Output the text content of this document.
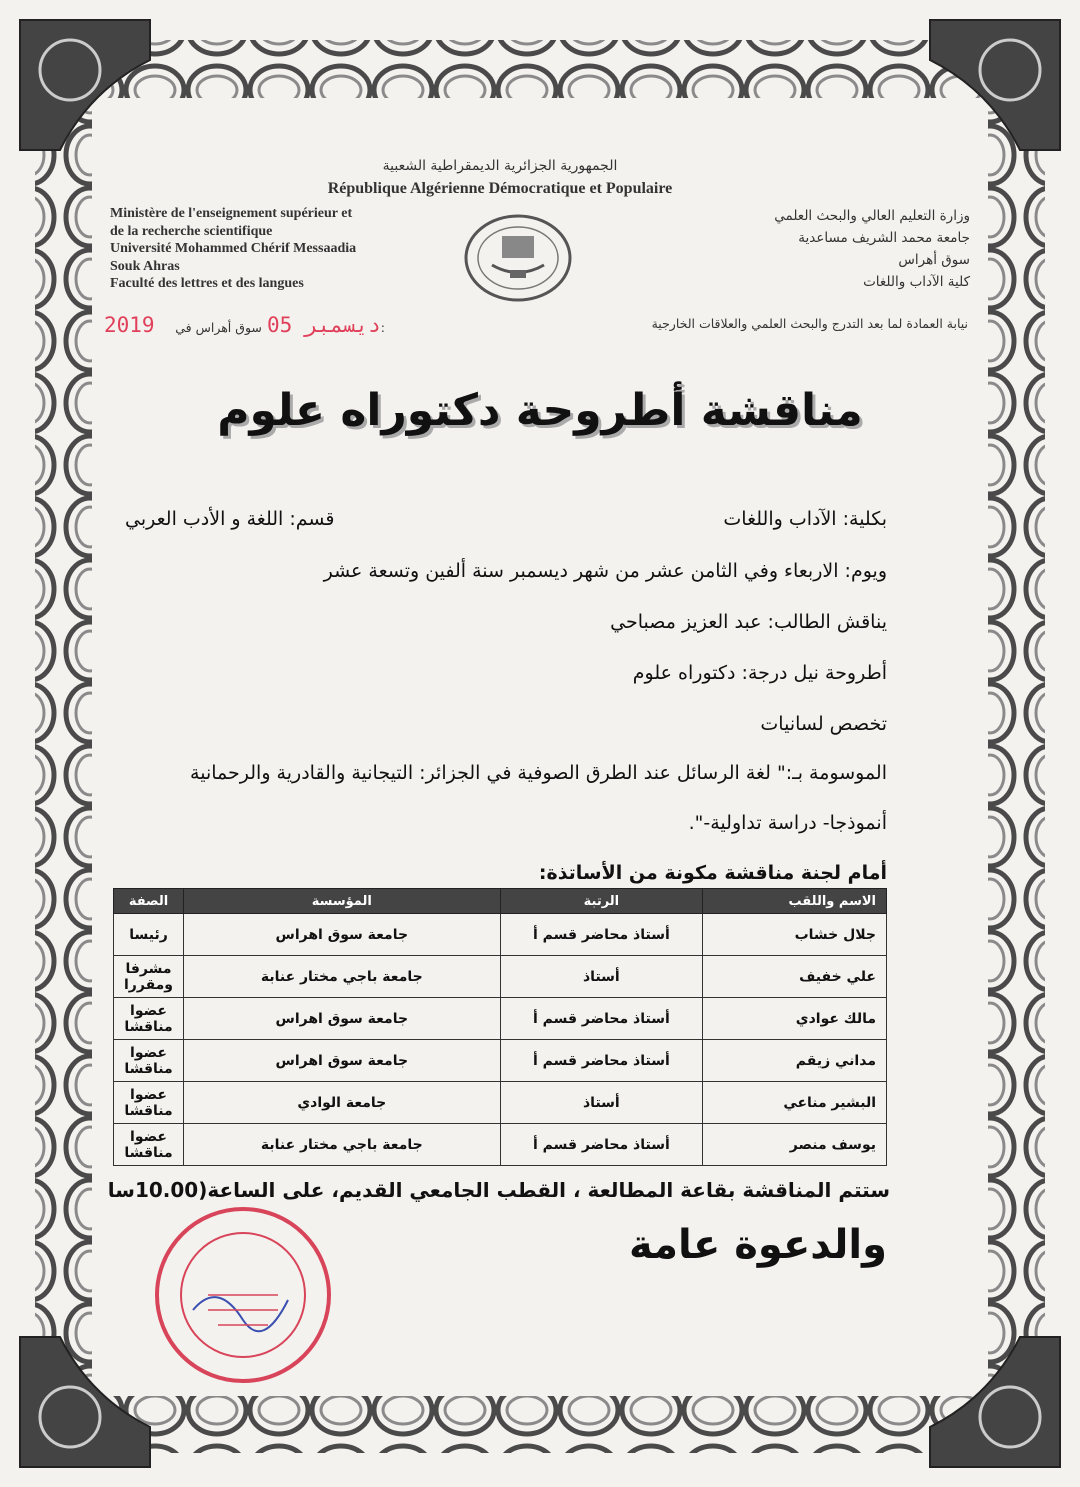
الجمهورية الجزائرية الديمقراطية الشعبية
République Algérienne Démocratique et Populaire
Ministère de l'enseignement supérieur et
de la recherche scientifique
Université Mohammed Chérif Messaadia
Souk Ahras
Faculté des lettres et des langues
وزارة التعليم العالي والبحث العلمي
جامعة محمد الشريف مساعدية
سوق أهراس
كلية الآداب واللغات
نيابة العمادة لما بعد التدرج والبحث العلمي والعلاقات الخارجية
2019 ديسمبر 05 سوق أهراس في:
مناقشة أطروحة دكتوراه علوم
بكلية: الآداب واللغات
قسم: اللغة و الأدب العربي
ويوم: الاربعاء وفي الثامن عشر من شهر ديسمبر سنة ألفين وتسعة عشر
يناقش الطالب: عبد العزيز مصباحي
أطروحة نيل درجة: دكتوراه علوم
تخصص لسانيات
الموسومة بـ:" لغة الرسائل عند الطرق الصوفية في الجزائر: التيجانية والقادرية والرحمانية
أنموذجا- دراسة تداولية-".
أمام لجنة مناقشة مكونة من الأساتذة:
الاسم واللقب	الرتبة	المؤسسة	الصفة
جلال خشاب	أستاذ محاضر قسم أ	جامعة سوق اهراس	رئيسا
علي خفيف	أستاذ	جامعة باجي مختار عنابة	مشرفا ومقررا
مالك عوادي	أستاذ محاضر قسم أ	جامعة سوق اهراس	عضوا مناقشا
مداني زيقم	أستاذ محاضر قسم أ	جامعة سوق اهراس	عضوا مناقشا
البشير مناعي	أستاذ	جامعة الوادي	عضوا مناقشا
يوسف منصر	أستاذ محاضر قسم أ	جامعة باجي مختار عنابة	عضوا مناقشا
ستتم المناقشة بقاعة المطالعة ، القطب الجامعي القديم، على الساعة(10.00سا
والدعوة عامة
